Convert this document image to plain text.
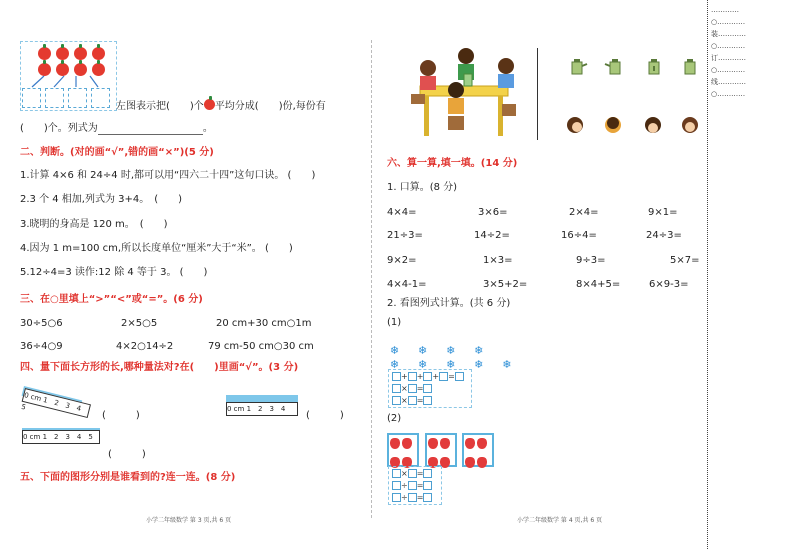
左图表示把(　　)个 平均分成(　　)份,每份有
(　　)个。列式为	。
二、判断。(对的画“√”,错的画“×”)(5 分)
1.计算 4×6 和 24÷4 时,都可以用“四六二十四”这句口诀。 (　　)
2.3 个 4 相加,列式为 3+4。　(　　)
3.晓明的身高是 120 m。　(　　)
4.因为 1 m=100 cm,所以长度单位“厘米”大于“米”。 (　　)
5.12÷4=3 读作:12 除 4 等于 3。 (　　)
三、在○里填上“>”“<”或“=”。(6 分)
30÷5○6	2×5○5	20 cm+30 cm○1m
36÷4○9	4×2○14÷2	79 cm-50 cm○30 cm
四、量下面长方形的长,哪种量法对?在(　　)里画“√”。(3 分)
0 cm 1　2　3　4　5
(　　　)
0 cm 1　2　3　4
(　　　)
0 cm 1　2　3　4　5
(　　　)
五、下面的图形分别是谁看到的?连一连。(8 分)
小学二年级数学 第 3 页,共 6 页
六、算一算,填一填。(14 分)
1. 口算。(8 分)
4×4=	3×6=	2×4=	9×1=
21÷3=	14÷2=	16÷4=	24÷3=
9×2=	1×3=	9÷3=	5×7=
4×4-1=	3×5+2=	8×4+5=	6×9-3=
2. 看图列式计算。(共 6 分)
(1)
❄ ❄ ❄ ❄
❄ ❄ ❄ ❄ ❄
+ + + =
× =
× =
(2)
× =
÷ =
÷ =
小学二年级数学 第 4 页,共 6 页
…………○…………装…………○…………订…………○…………线…………○…………
